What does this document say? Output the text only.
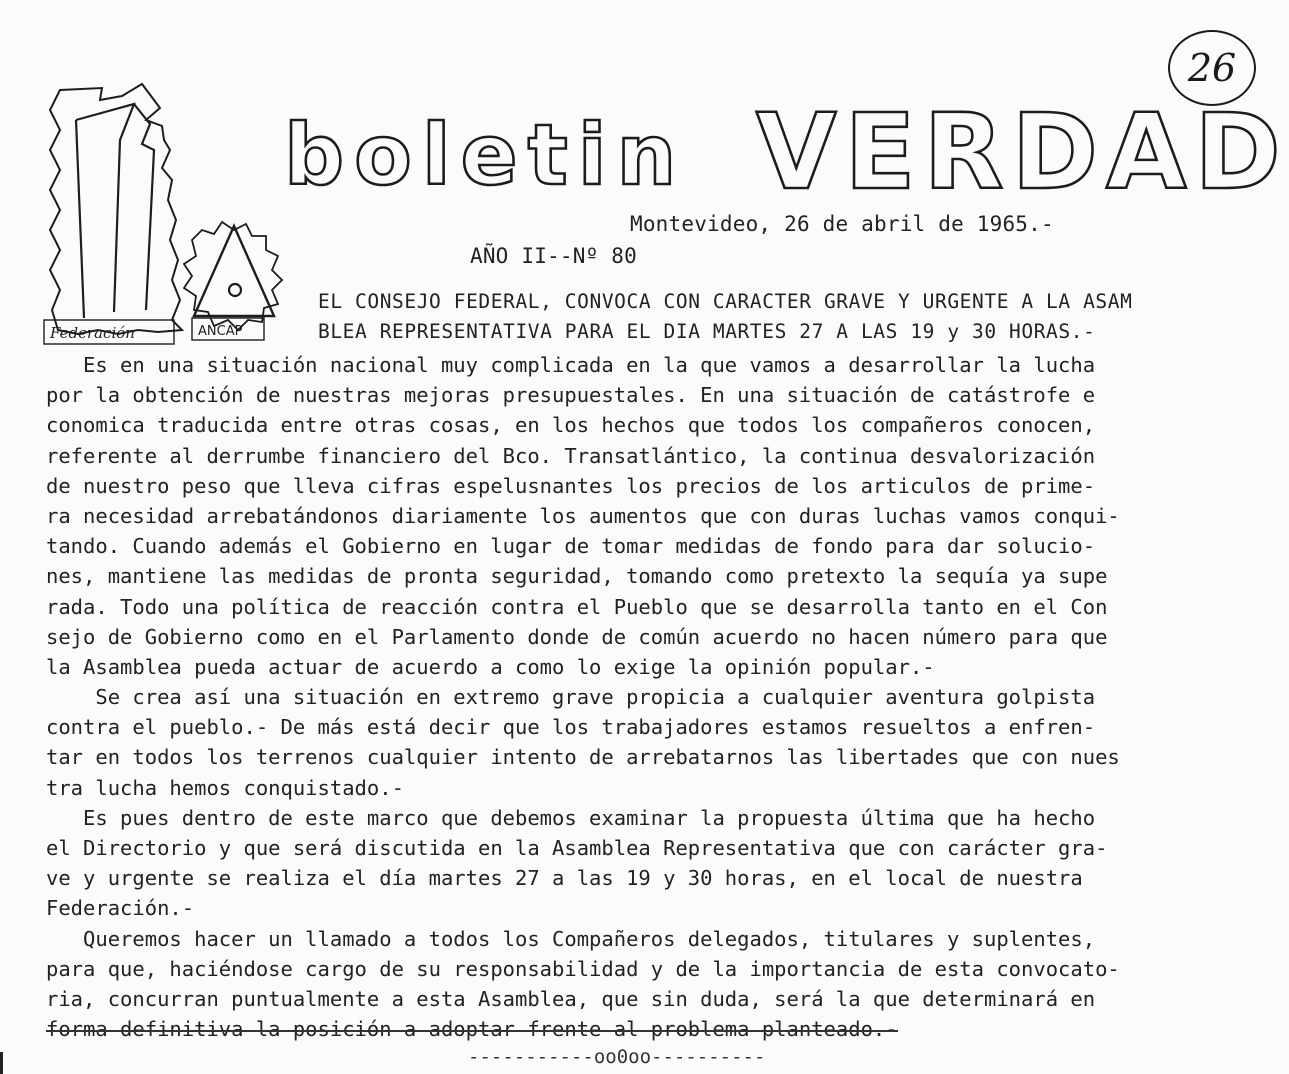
26
Federación	ANCAP
boletin VERDAD
Montevideo, 26 de abril de 1965.-
AÑO II--Nº 80
EL CONSEJO FEDERAL, CONVOCA CON CARACTER GRAVE Y URGENTE A LA ASAM
BLEA REPRESENTATIVA PARA EL DIA MARTES 27 A LAS 19 y 30 HORAS.-
Es en una situación nacional muy complicada en la que vamos a desarrollar la lucha
por la obtención de nuestras mejoras presupuestales. En una situación de catástrofe e
conomica traducida entre otras cosas, en los hechos que todos los compañeros conocen,
referente al derrumbe financiero del Bco. Transatlántico, la continua desvalorización
de nuestro peso que lleva cifras espelusnantes los precios de los articulos de prime-
ra necesidad arrebatándonos diariamente los aumentos que con duras luchas vamos conqui-
tando. Cuando además el Gobierno en lugar de tomar medidas de fondo para dar solucio-
nes, mantiene las medidas de pronta seguridad, tomando como pretexto la sequía ya supe
rada. Todo una política de reacción contra el Pueblo que se desarrolla tanto en el Con
sejo de Gobierno como en el Parlamento donde de común acuerdo no hacen número para que
la Asamblea pueda actuar de acuerdo a como lo exige la opinión popular.-
Se crea así una situación en extremo grave propicia a cualquier aventura golpista
contra el pueblo.- De más está decir que los trabajadores estamos resueltos a enfren-
tar en todos los terrenos cualquier intento de arrebatarnos las libertades que con nues
tra lucha hemos conquistado.-
Es pues dentro de este marco que debemos examinar la propuesta última que ha hecho
el Directorio y que será discutida en la Asamblea Representativa que con carácter gra-
ve y urgente se realiza el día martes 27 a las 19 y 30 horas, en el local de nuestra
Federación.-
Queremos hacer un llamado a todos los Compañeros delegados, titulares y suplentes,
para que, haciéndose cargo de su responsabilidad y de la importancia de esta convocato-
ria, concurran puntualmente a esta Asamblea, que sin duda, será la que determinará en
forma definitiva la posición a adoptar frente al problema planteado.-
-----------oo0oo----------
